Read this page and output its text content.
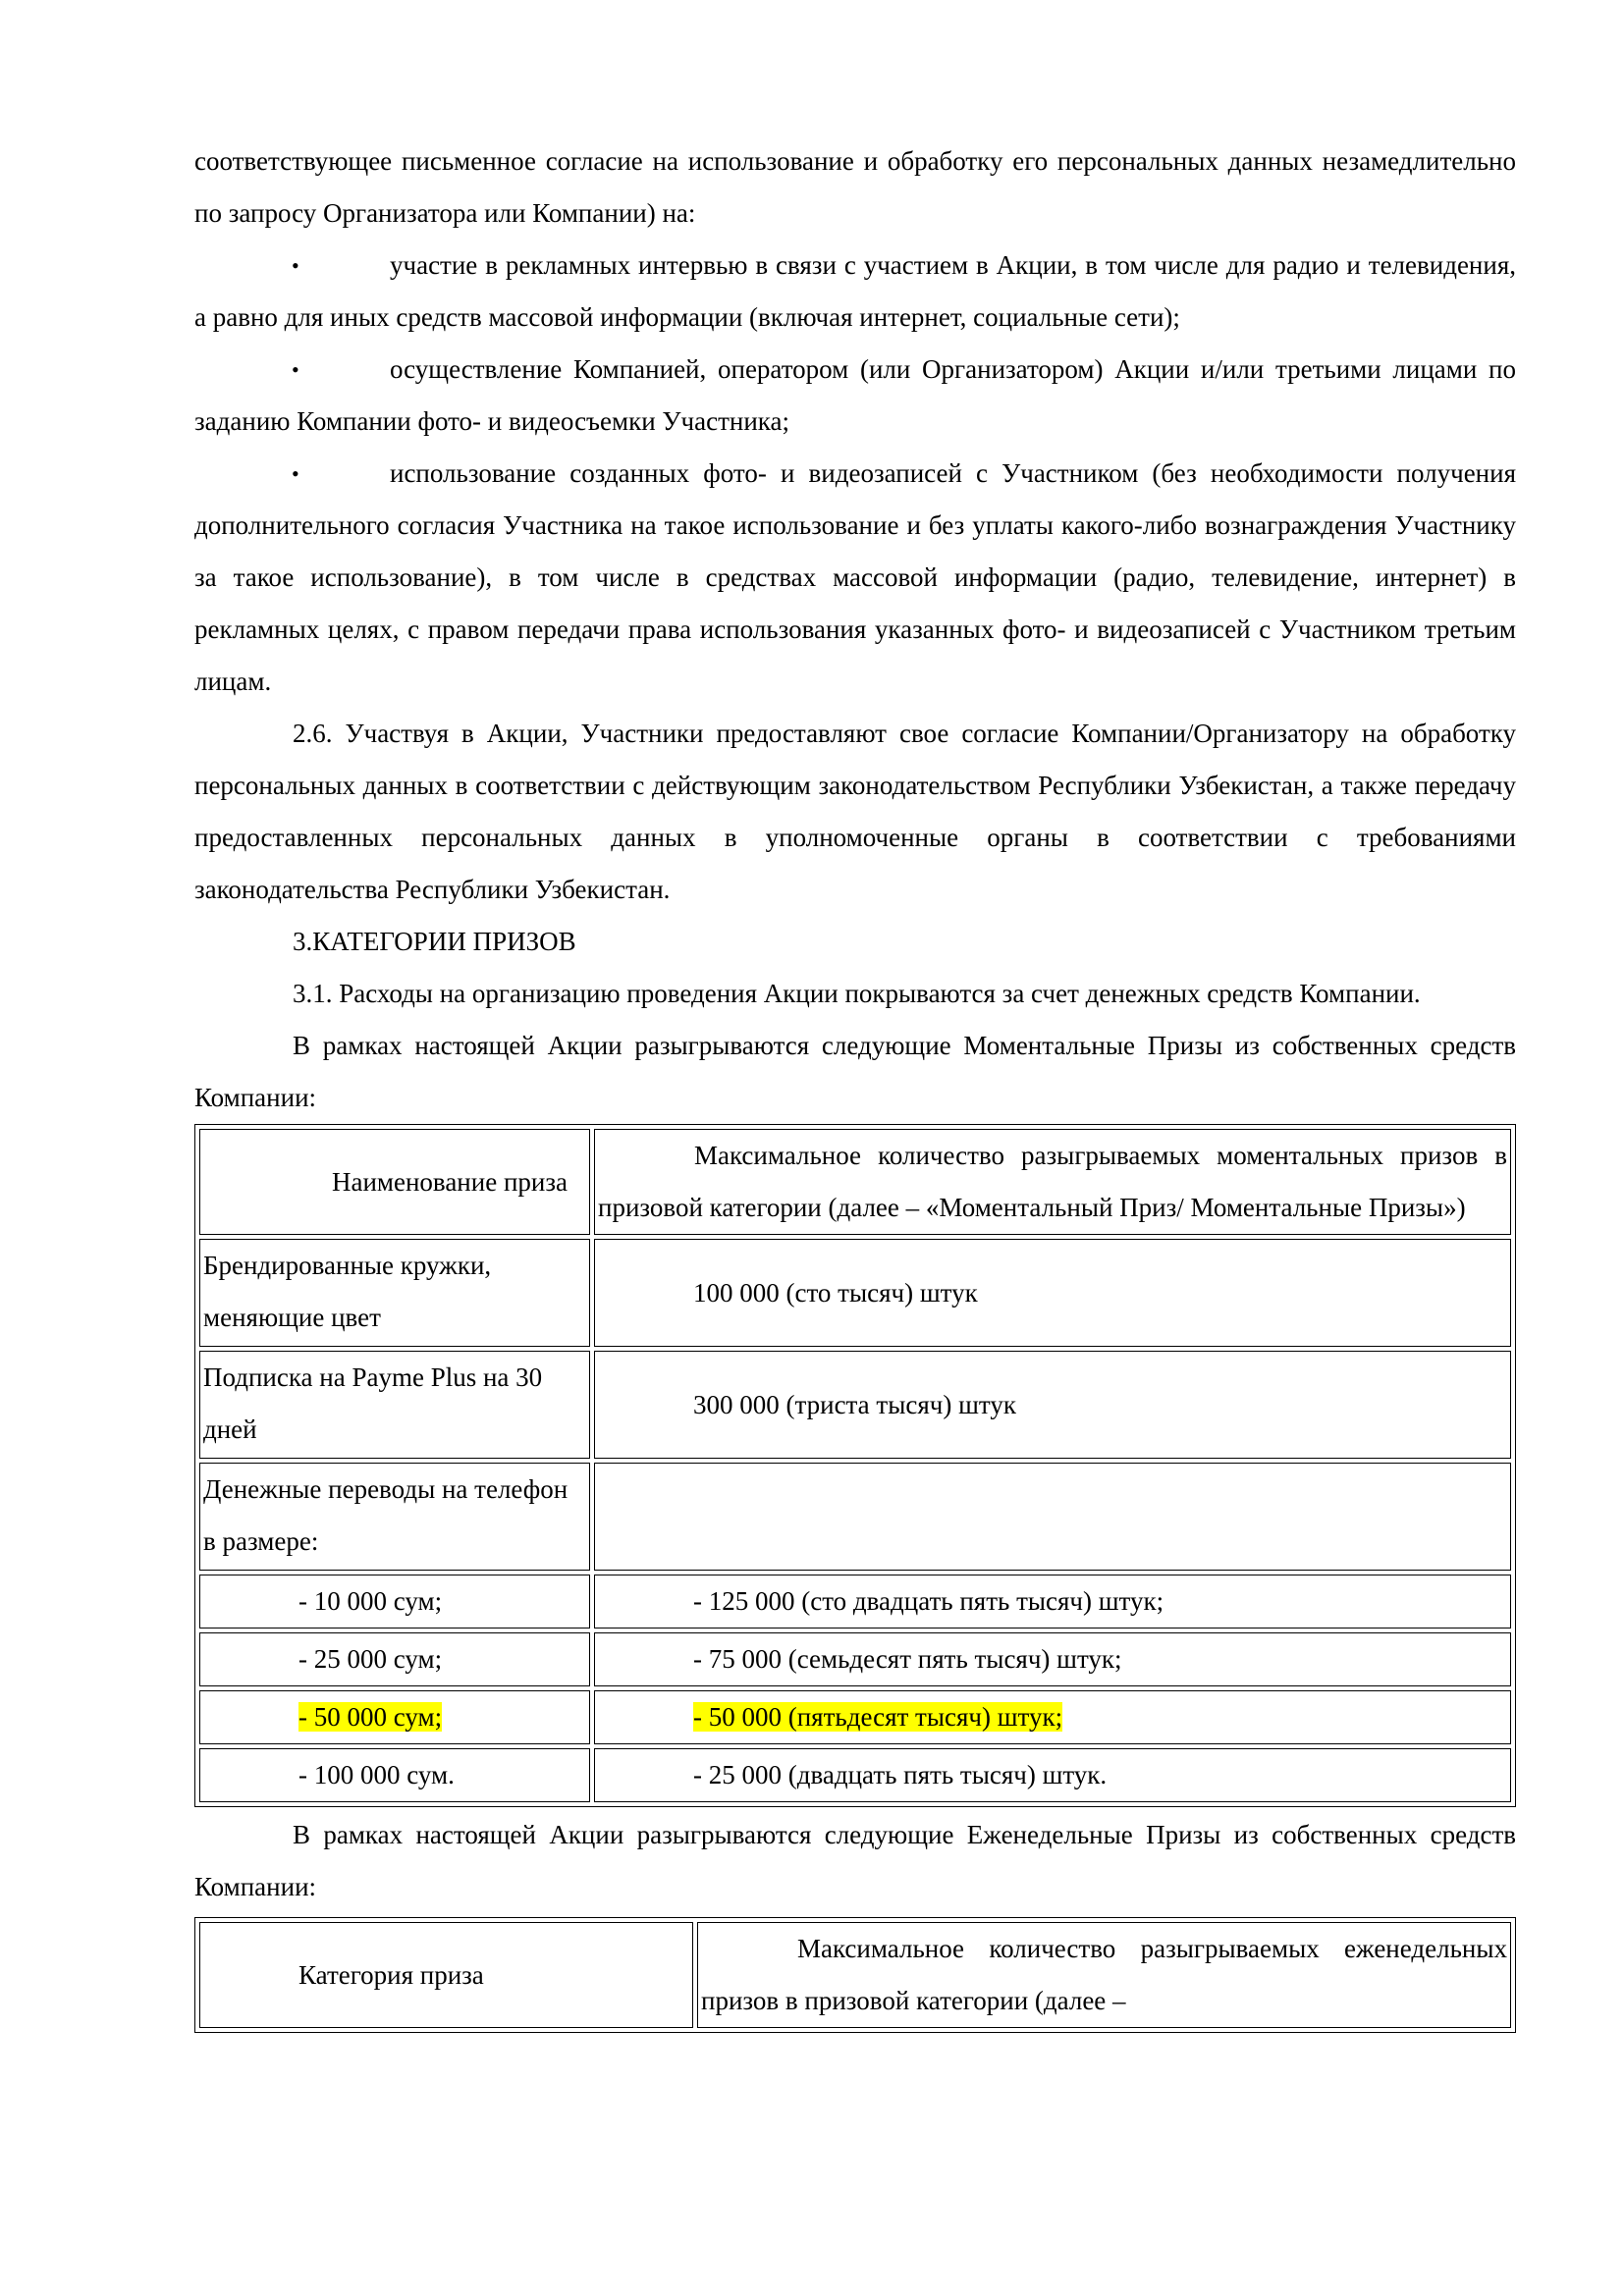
соответствующее письменное согласие на использование и обработку его персональных данных незамедлительно по запросу Организатора или Компании) на:

•	участие в рекламных интервью в связи с участием в Акции, в том числе для радио и телевидения, а равно для иных средств массовой информации (включая интернет, социальные сети);

•	осуществление Компанией, оператором (или Организатором) Акции и/или третьими лицами по заданию Компании фото- и видеосъемки Участника;

•	использование созданных фото- и видеозаписей с Участником (без необходимости получения дополнительного согласия Участника на такое использование и без уплаты какого-либо вознаграждения Участнику за такое использование), в том числе в средствах массовой информации (радио, телевидение, интернет) в рекламных целях, с правом передачи права использования указанных фото- и видеозаписей с Участником третьим лицам.

2.6. Участвуя в Акции, Участники предоставляют свое согласие Компании/Организатору на обработку персональных данных в соответствии с действующим законодательством Республики Узбекистан, а также передачу предоставленных персональных данных в уполномоченные органы в соответствии с требованиями законодательства Республики Узбекистан.

3.КАТЕГОРИИ ПРИЗОВ

3.1. Расходы на организацию проведения Акции покрываются за счет денежных средств Компании.

В рамках настоящей Акции разыгрываются следующие Моментальные Призы из собственных средств Компании:

Наименование приза	Максимальное количество разыгрываемых моментальных призов в призовой категории (далее – «Моментальный Приз/ Моментальные Призы»)
Брендированные кружки, меняющие цвет	100 000 (сто тысяч) штук
Подписка на Payme Plus на 30 дней	300 000 (триста тысяч) штук
Денежные переводы на телефон в размере:	
- 10 000 сум;	- 125 000 (сто двадцать пять тысяч) штук;
- 25 000 сум;	- 75 000 (семьдесят пять тысяч) штук;
- 50 000 сум;	- 50 000 (пятьдесят тысяч) штук;
- 100 000 сум.	- 25 000 (двадцать пять тысяч) штук.

В рамках настоящей Акции разыгрываются следующие Еженедельные Призы из собственных средств Компании:

Категория приза	Максимальное количество разыгрываемых еженедельных призов в призовой категории (далее –
